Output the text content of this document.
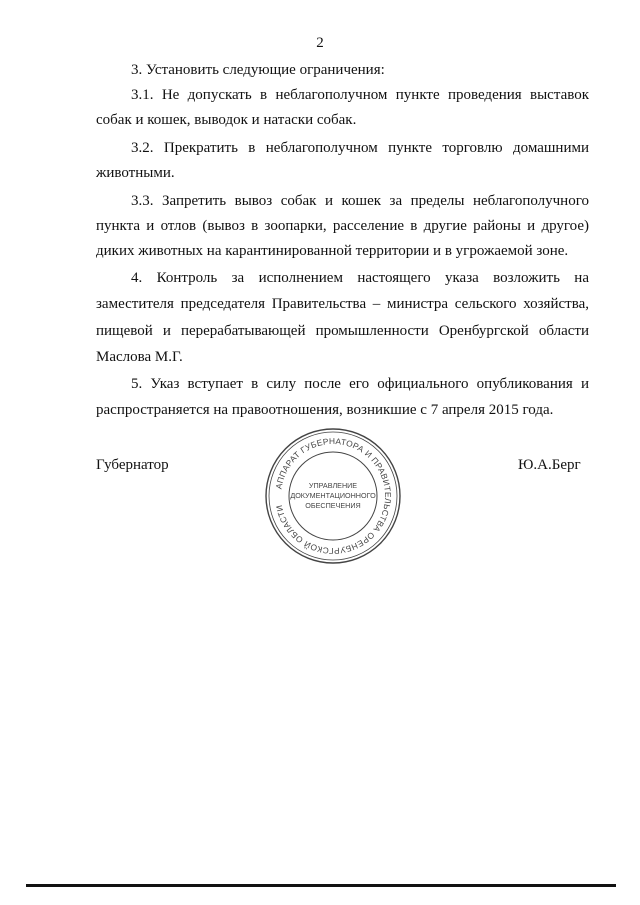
2
3. Установить следующие ограничения:
3.1. Не допускать в неблагополучном пункте проведения выставок
собак и кошек, выводок и натаски собак.
3.2. Прекратить в неблагополучном пункте торговлю домашними
животными.
3.3. Запретить вывоз собак и кошек за пределы неблагополучного
пункта и отлов (вывоз в зоопарки, расселение в другие районы и другое)
диких животных на карантинированной территории и в угрожаемой зоне.
4. Контроль за исполнением настоящего указа возложить на
заместителя председателя Правительства – министра сельского хозяйства,
пищевой и перерабатывающей промышленности Оренбургской области
Маслова М.Г.
5. Указ вступает в силу после его официального опубликования и
распространяется на правоотношения, возникшие с 7 апреля 2015 года.
Губернатор	Ю.А.Берг
АППАРАТ ГУБЕРНАТОРА И ПРАВИТЕЛЬСТВА ОРЕНБУРГСКОЙ ОБЛАСТИ
УПРАВЛЕНИЕ
ДОКУМЕНТАЦИОННОГО
ОБЕСПЕЧЕНИЯ
